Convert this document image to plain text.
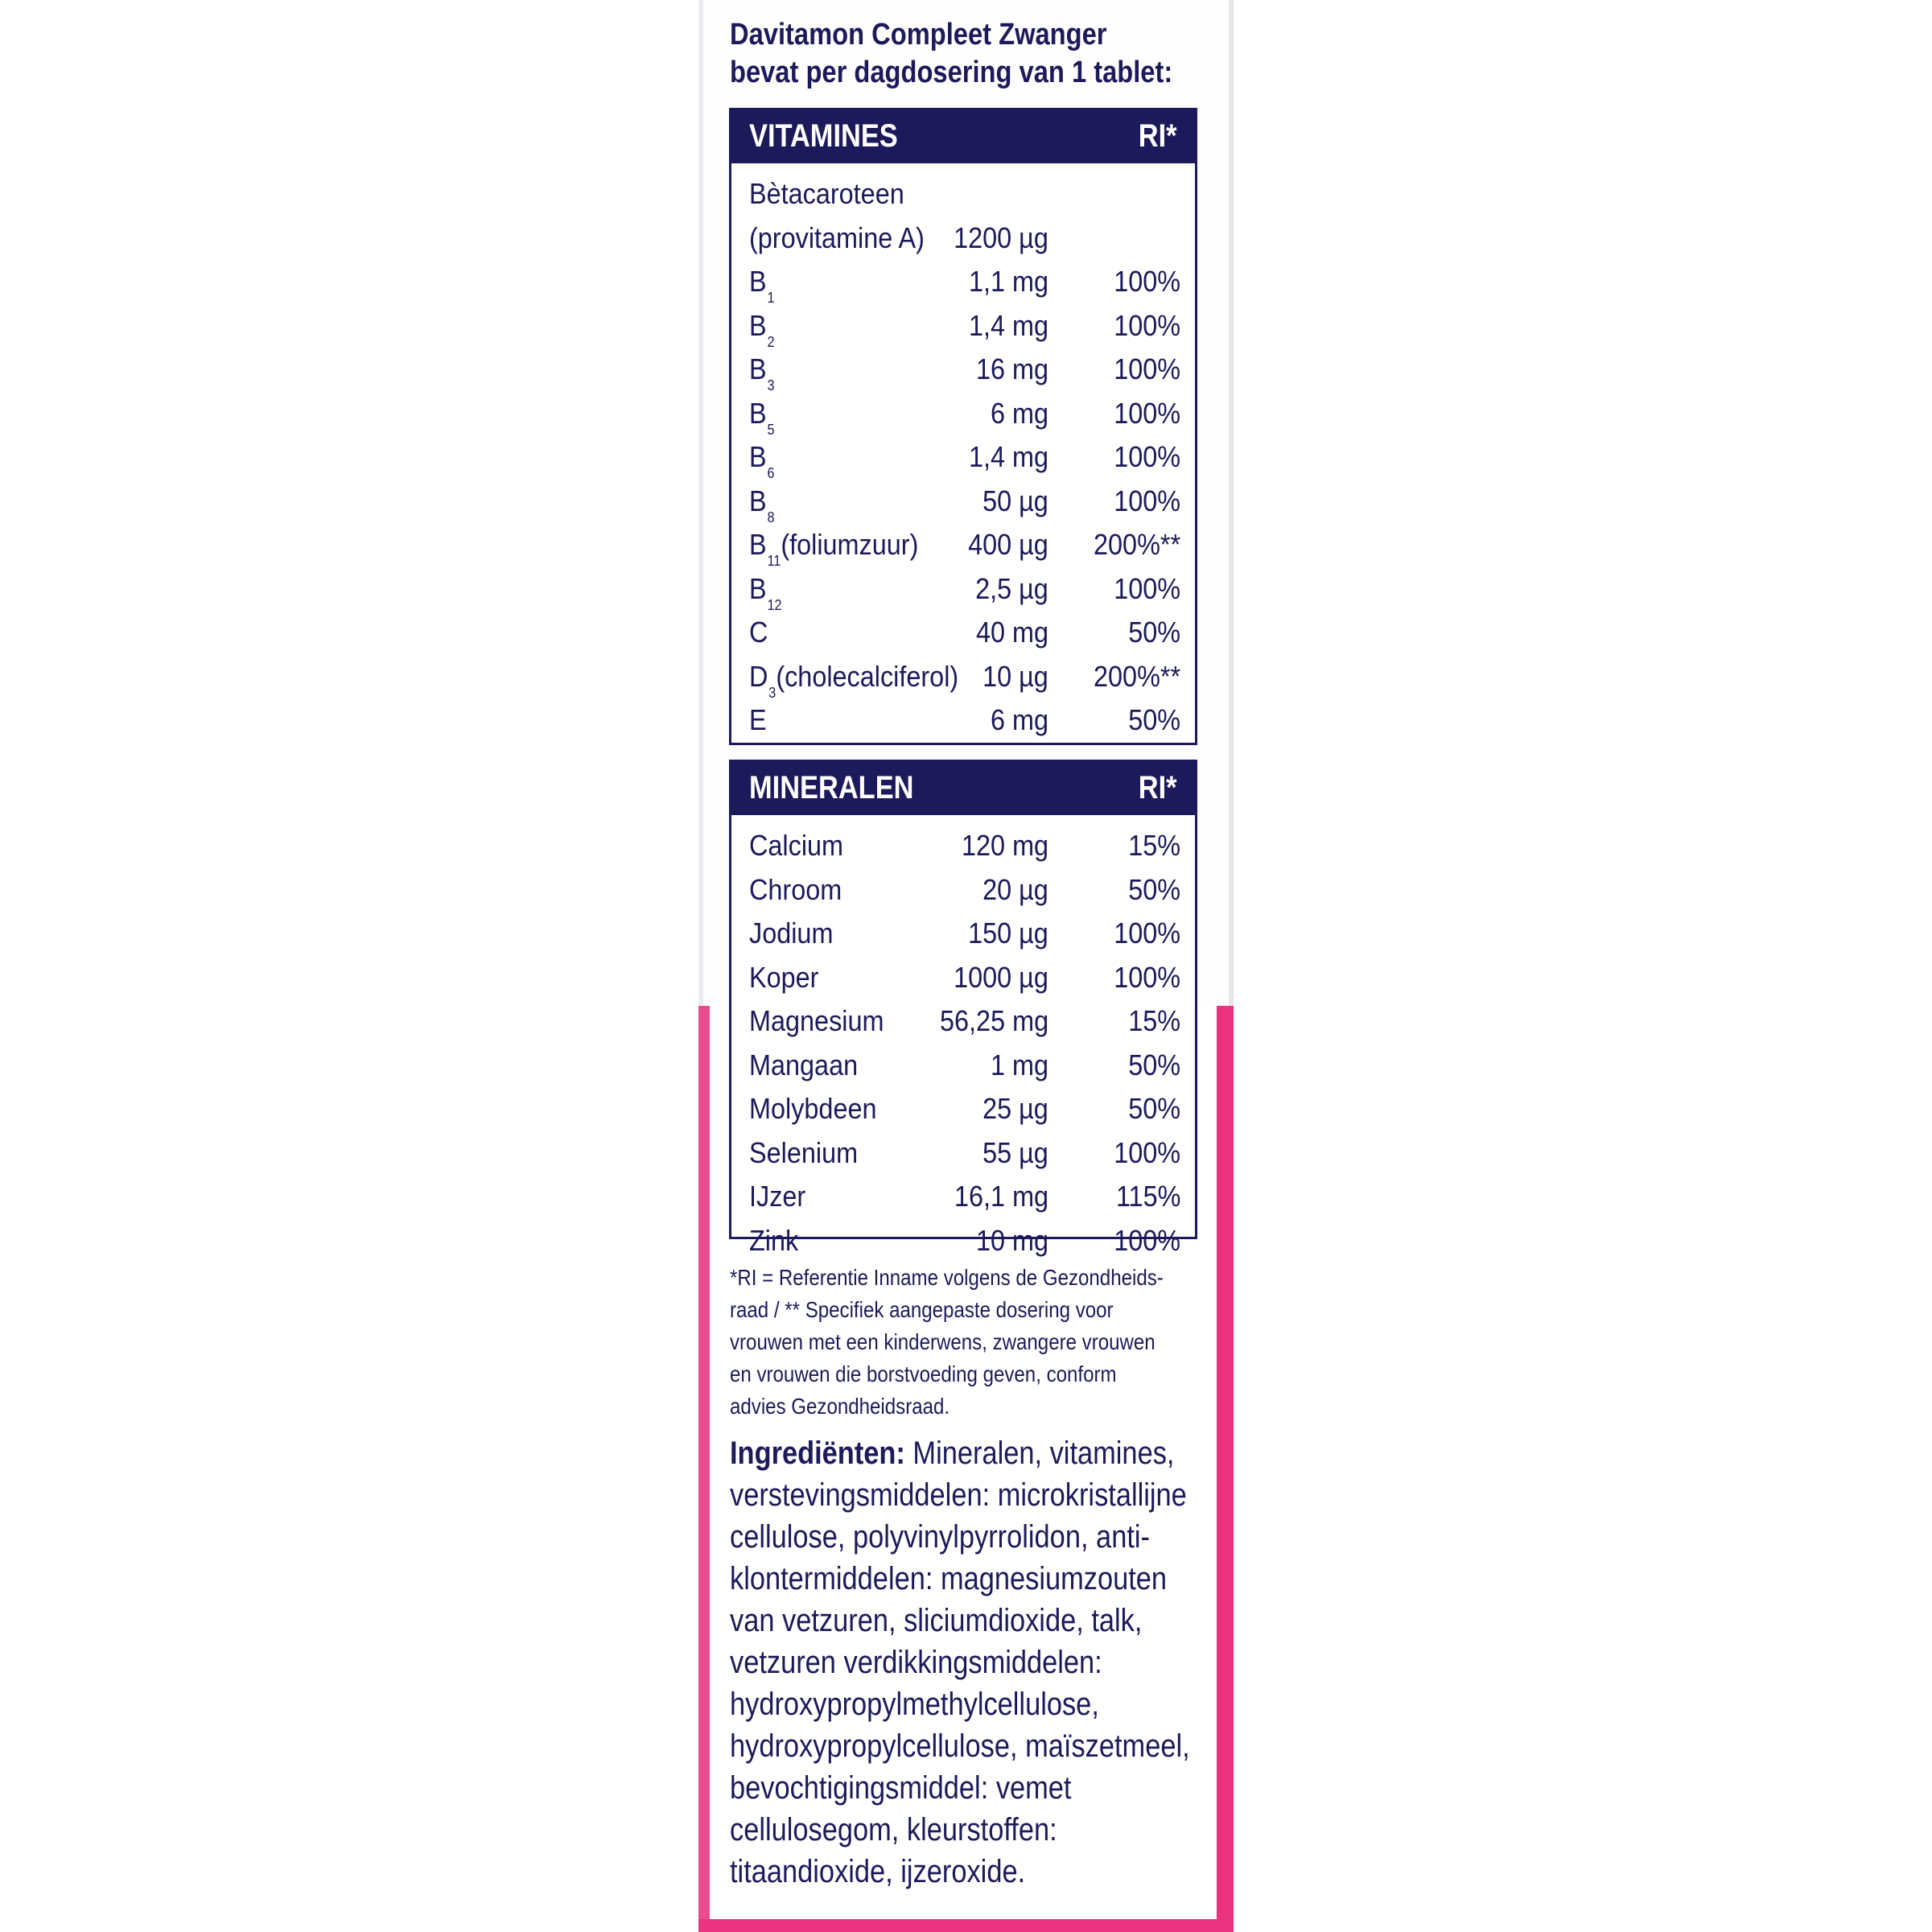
Davitamon Compleet Zwanger
bevat per dagdosering van 1 tablet:
VITAMINES	RI*
Bètacaroteen
(provitamine A) 1200 µg
$B_1$	1,1 mg 100%
$B_2$	1,4 mg 100%
$B_3$	16 mg 100%
$B_5$	6 mg 100%
$B_6$	1,4 mg 100%
$B_8$	50 µg 100%
$B_{11}(foliumzuur)$ 400 µg 200%**
$B_{12}$	2,5 µg 100%
C	40 mg	50%
$D_3(cholecalciferol)$ 10 µg 200%**
E	6 mg	50%
MINERALEN	RI*
Calcium	120 mg	15%
Chroom	20 µg	50%
Jodium	150 µg 100%
Koper	1000 µg 100%
Magnesium 56,25 mg	15%
Mangaan	1 mg	50%
Molybdeen	25 µg	50%
Selenium	55 µg 100%
IJzer	16,1 mg 115%
Zink	10 mg 100%
*RI = Referentie Inname volgens de Gezondheids-
raad / ** Specifiek aangepaste dosering voor
vrouwen met een kinderwens, zwangere vrouwen
en vrouwen die borstvoeding geven, conform
advies Gezondheidsraad.
Ingrediënten: Mineralen, vitamines,
verstevingsmiddelen: microkristallijne
cellulose, polyvinylpyrrolidon, anti-
klontermiddelen: magnesiumzouten
van vetzuren, sliciumdioxide, talk,
vetzuren verdikkingsmiddelen:
hydroxypropylmethylcellulose,
hydroxypropylcellulose, maïszetmeel,
bevochtigingsmiddel: vemet
cellulosegom, kleurstoffen:
titaandioxide, ijzeroxide.
